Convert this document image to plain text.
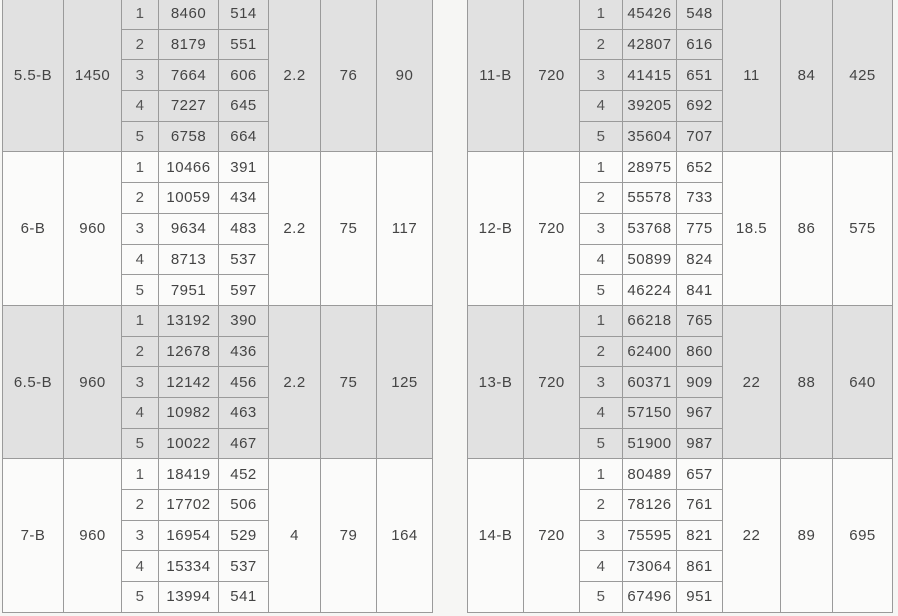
5.5-B	1450	1	8460	514	2.2	76	90
		2	8179	551			
		3	7664	606			
		4	7227	645			
		5	6758	664			
6-B	960	1	10466	391	2.2	75	117
		2	10059	434			
		3	9634	483			
		4	8713	537			
		5	7951	597			
6.5-B	960	1	13192	390	2.2	75	125
		2	12678	436			
		3	12142	456			
		4	10982	463			
		5	10022	467			
7-B	960	1	18419	452	4	79	164
		2	17702	506			
		3	16954	529			
		4	15334	537			
		5	13994	541			
11-B	720	1	45426	548	11	84	425
		2	42807	616			
		3	41415	651			
		4	39205	692			
		5	35604	707			
12-B	720	1	28975	652	18.5	86	575
		2	55578	733			
		3	53768	775			
		4	50899	824			
		5	46224	841			
13-B	720	1	66218	765	22	88	640
		2	62400	860			
		3	60371	909			
		4	57150	967			
		5	51900	987			
14-B	720	1	80489	657	22	89	695
		2	78126	761			
		3	75595	821			
		4	73064	861			
		5	67496	951			
